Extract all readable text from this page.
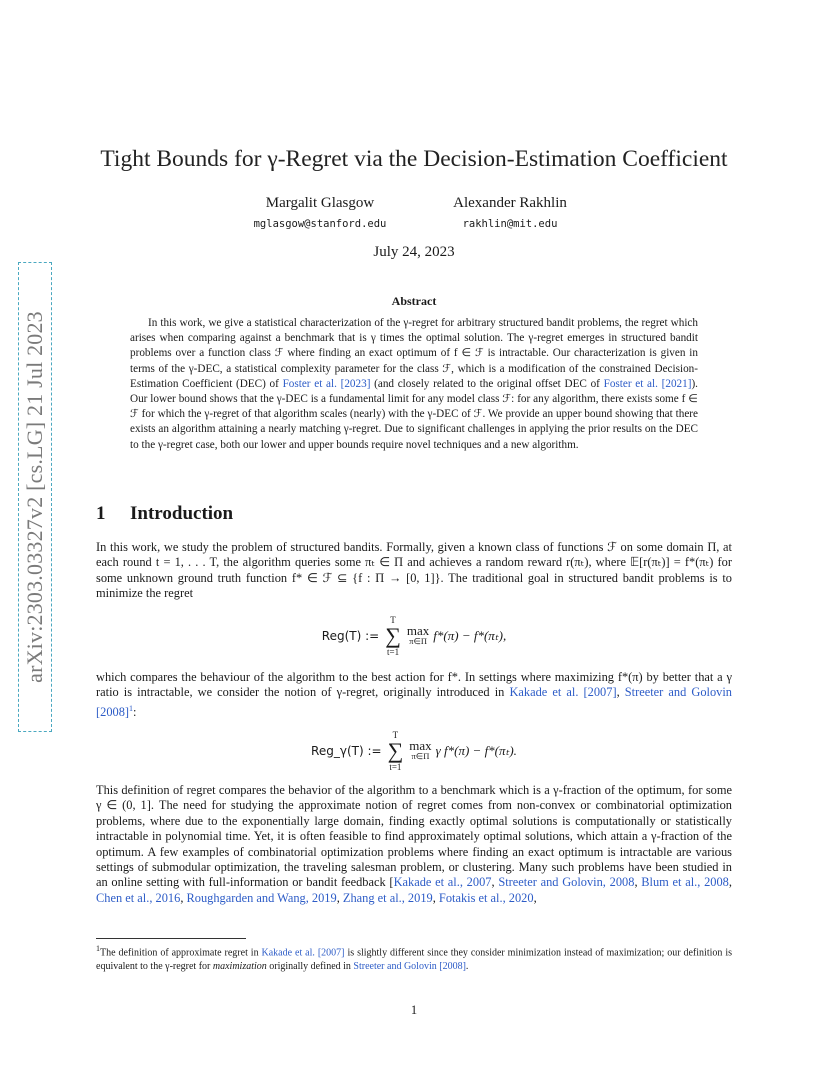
arXiv:2303.03327v2 [cs.LG] 21 Jul 2023
Tight Bounds for γ-Regret via the Decision-Estimation Coefficient
Margalit Glasgow
mglasgow@stanford.edu
Alexander Rakhlin
rakhlin@mit.edu
July 24, 2023
Abstract
In this work, we give a statistical characterization of the γ-regret for arbitrary structured bandit problems, the regret which arises when comparing against a benchmark that is γ times the optimal solution. The γ-regret emerges in structured bandit problems over a function class ℱ where finding an exact optimum of f ∈ ℱ is intractable. Our characterization is given in terms of the γ-DEC, a statistical complexity parameter for the class ℱ, which is a modification of the constrained Decision-Estimation Coefficient (DEC) of Foster et al. [2023] (and closely related to the original offset DEC of Foster et al. [2021]). Our lower bound shows that the γ-DEC is a fundamental limit for any model class ℱ: for any algorithm, there exists some f ∈ ℱ for which the γ-regret of that algorithm scales (nearly) with the γ-DEC of ℱ. We provide an upper bound showing that there exists an algorithm attaining a nearly matching γ-regret. Due to significant challenges in applying the prior results on the DEC to the γ-regret case, both our lower and upper bounds require novel techniques and a new algorithm.
1 Introduction
In this work, we study the problem of structured bandits. Formally, given a known class of functions ℱ on some domain Π, at each round t = 1, . . . T, the algorithm queries some πₜ ∈ Π and achieves a random reward r(πₜ), where 𝔼[r(πₜ)] = f*(πₜ) for some unknown ground truth function f* ∈ ℱ ⊆ {f : Π → [0, 1]}. The traditional goal in structured bandit problems is to minimize the regret
Reg(T) :=
T
∑
t=1
max
π∈Π f*(π) − f*(πₜ),
which compares the behaviour of the algorithm to the best action for f*. In settings where maximizing f*(π) by better that a γ ratio is intractable, we consider the notion of γ-regret, originally introduced in Kakade et al. [2007], Streeter and Golovin $[2008]^1$:
Reg_γ(T) :=
T
∑
t=1
max
π∈Π γ f*(π) − f*(πₜ).
This definition of regret compares the behavior of the algorithm to a benchmark which is a γ-fraction of the optimum, for some γ ∈ (0, 1]. The need for studying the approximate notion of regret comes from non-convex or combinatorial optimization problems, where due to the exponentially large domain, finding exactly optimal solutions is computationally or statistically intractable in polynomial time. Yet, it is often feasible to find approximately optimal solutions, which attain a γ-fraction of the optimum. A few examples of combinatorial optimization problems where finding an exact optimum is intractable are various settings of submodular optimization, the traveling salesman problem, or clustering. Many such problems have been studied in an online setting with full-information or bandit feedback [Kakade et al., 2007, Streeter and Golovin, 2008, Blum et al., 2008, Chen et al., 2016, Roughgarden and Wang, 2019, Zhang et al., 2019, Fotakis et al., 2020,
$^1$The definition of approximate regret in Kakade et al. [2007] is slightly different since they consider minimization instead of maximization; our definition is equivalent to the γ-regret for maximization originally defined in Streeter and Golovin [2008].
1
